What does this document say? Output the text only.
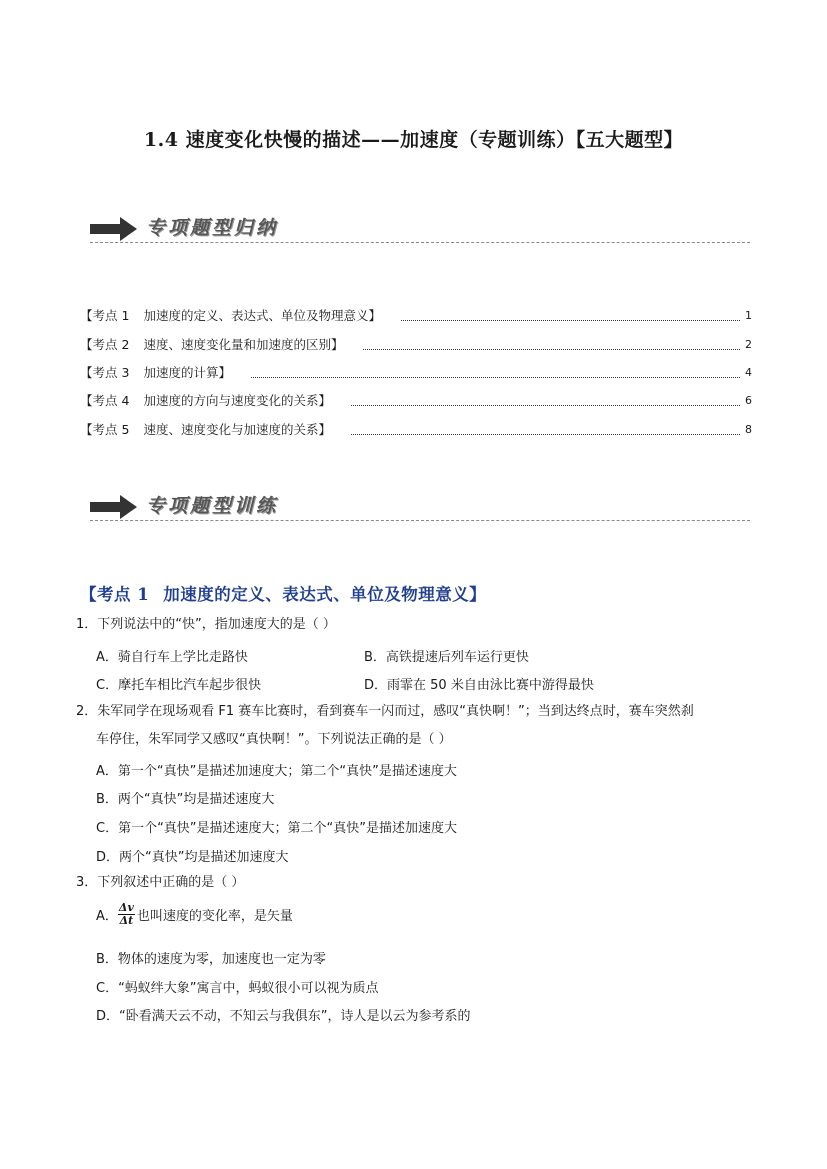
1.4 速度变化快慢的描述——加速度（专题训练）【五大题型】
专项题型归纳
【考点 1 加速度的定义、表达式、单位及物理意义】	1
【考点 2 速度、速度变化量和加速度的区别】	2
【考点 3 加速度的计算】	4
【考点 4 加速度的方向与速度变化的关系】	6
【考点 5 速度、速度变化与加速度的关系】	8
专项题型训练
【考点 1 加速度的定义、表达式、单位及物理意义】
1．下列说法中的“快”，指加速度大的是（ ）
A．骑自行车上学比走路快	B．高铁提速后列车运行更快
C．摩托车相比汽车起步很快	D．雨霏在 50 米自由泳比赛中游得最快
2．朱军同学在现场观看 F1 赛车比赛时，看到赛车一闪而过，感叹“真快啊！”；当到达终点时，赛车突然刹
车停住，朱军同学又感叹“真快啊！”。下列说法正确的是（ ）
A．第一个“真快”是描述加速度大；第二个“真快”是描述速度大
B．两个“真快”均是描述速度大
C．第一个“真快”是描述速度大；第二个“真快”是描述加速度大
D．两个“真快”均是描述加速度大
3．下列叙述中正确的是（ ）
A． $\frac{\Delta v}{\Delta t}$ 也叫速度的变化率，是矢量
B．物体的速度为零，加速度也一定为零
C．“蚂蚁绊大象”寓言中，蚂蚁很小可以视为质点
D．“卧看满天云不动，不知云与我俱东”，诗人是以云为参考系的
